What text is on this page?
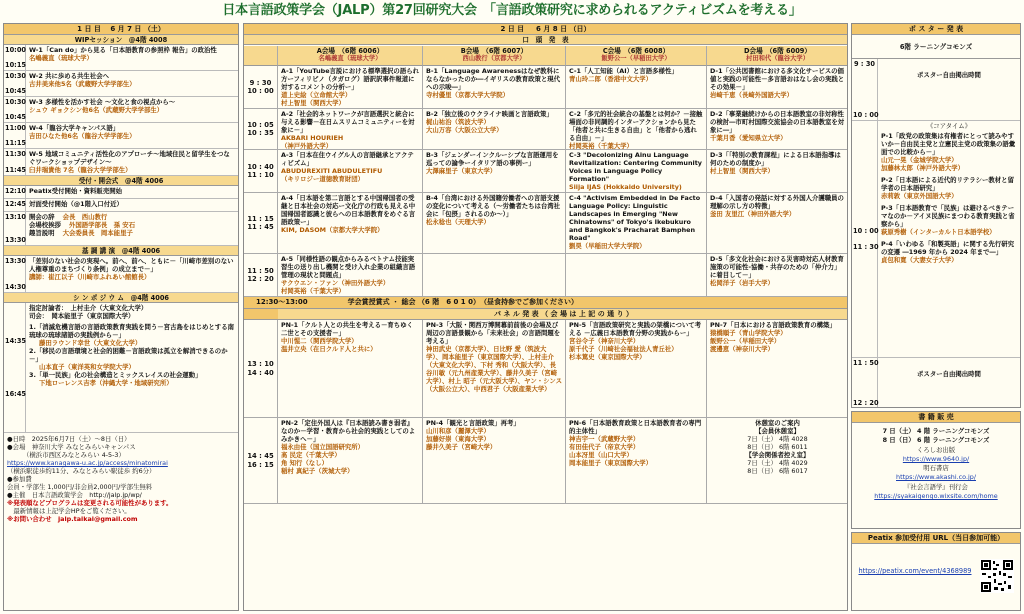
日本言語政策学会（JALP）第27回研究大会　「言語政策研究に求められるアクティビズムを考える」
1 日 目　 6 月 7 日 （土）
WIPセッション　@4階 4008
10:00
10:15
W-1「Can do」から見る「日本語教育の参照枠 報告」の政治性
名嶋義直（琉球大学）
10:30
10:45
W-2 共に歩める共生社会へ
古井美来他5名（武蔵野大学学部生）
10:30
10:45
W-3 多様性を活かす社会 ～文化と食の視点から～
シュウ ギョクシン他6名（武蔵野大学学部生）
11:00
11:15
W-4「龍谷大学キャンパス語」
吉田ひなた他6名（龍谷大学学部生）
11:30
11:45
W-5 地域コミュニティ活性化のアプローチ～地域住民と留学生をつなぐワークショップデザイン～
臼井瑞貴他 7名（龍谷大学学部生）
受付・開会式　@4階 4006
12:10 Peatix受付開始・資料販売開始
12:45 対面受付開始（@1階入口付近）
13:10
13:30
開会の辞 会長　西山教行
会場校挨拶 外国語学部長　孫 安石
趣旨説明 大会委員長　岡本能里子
基 調 講 演　@4階 4006
13:30
14:30
「差別のない社会の実現へ。前へ、前へ、ともに－「川崎市差別のない人権尊重のまちづくり条例」の成立まで－」
講師：崔江以子（川崎市ふれあい館館長）
シ ン ポ ジ ウ ム　@4階 4006
14:35
16:45
指定討論者：　上村圭介（大東文化大学）
司会：　岡本能里子（東京国際大学）
1.「消滅危機言語の言語政策教育実践を問う－宮古島をはじめとする南琉球の琉球諸語の実践例から－」
藤田ラウンド幸世（大東文化大学）
2.「移民の言語環境と社会的困難－言語政策は孤立を解消できるのか－」
山本直子（東洋英和女学院大学）
3.「単一民族」化の社会構造とミックスレイスの社会運動」
下地ローレンス吉孝（沖縄大学・地域研究所）
●日時　2025年6月7日（土）～8日（日）
●会場　神奈川大学 みなとみらいキャンパス
　　　（横浜市西区みなとみらい 4-5-3）
https://www.kanagawa-u.ac.jp/access/minatomirai
（横浜駅徒歩約11分、みなとみらい駅徒歩 約6分）
●参加費
会員・学部生 1,000円/非会員2,000円/学部生無料
●主催　日本言語政策学会　http://jalp.jp/wp/
※発表順などプログラムは変更される可能性があります。
　最新情報は上記学会HPをご覧ください。
※お問い合わせ　jalp.taikai@gmail.com
2 日 目 　 6 月 8 日 （日）
口　頭　発　表
A会場　（6階 6006）
名嶋義直（琉球大学）
B会場　（6階 6007）
西山教行（京都大学）
C会場　（6階 6008）
飯野公一（早稲田大学）
D会場　（6階 6009）
村田和代（龍谷大学）
9 : 30
10 : 00
A-1「YouTube言説における標準選択の語られ方ーフィリピノ（タガログ）語訳訳事件報道に対するコメントの分析ー」
道上史絵（立命館大学）
村上智里（関西大学）
B-1「Language Awarenessはなぜ教科にならなかったのか―イギリスの教育政策と現代への示唆―」
寺村優里（京都大学大学院）
C-1「人工知能（AI）と言語多様性」
青山玲二郎（香港中文大学）
D-1「公共図書館における多文化サービスの価値と実践の可能性－多言語おはなし会の実践とその効果－」
岩崎千恵（長崎外国語大学）
10 : 05
10 : 35
A-2「社会的ネットワークが言語選択と統合に与える影響－在日ムスリムコミュニティーを対象に－」
AKBARI HOURIEH
（神戸外語大学）
B-2「独立後のウクライナ映画と言語政策」
梶山祐治（筑波大学）
大山万容（大阪公立大学）
C-2「多元的社会統合の基盤とは何か？－接触場面の非同調的インターアクションから見た「他者と共に生きる自由」と「他者から逃れる自由」－」
村岡英裕（千葉大学）

D-2「事業継続けからの日本語教室の非対称性の検討―市町村国際交流協会の日本語教室を対象に―」
千葉月香（愛知県立大学）
10 : 40
11 : 10
A-3「日本在住ウイグル人の言語継承とアクティビズム」
ABUDUREXITI ABUDULETIFU
（キリロジー道徳教育財団）
B-3「ジェンダーインクルーシブな言語運用を巡っての論争ーイタリア語の事例ー」
大澤麻里子（東京大学）
C-3 "Decolonizing Ainu Language Revitalization: Centering Community Voices in Language Policy Formation"
Siija IJAS (Hokkaido University)
D-3「「特別の教育課程」による日本語指導は何のための制度か」
村上智里（関西大学）
11 : 15
11 : 45
A-4「日本語を第二言語とする中国帰国者の受継と日本社会の対応ー文化庁の行政も見える中国帰国者認識と彼らへの日本語教育をめぐる言語政策ー」
KIM, DASOM（京都大学大学院）
B-4「台湾における外国籍労働者への言語支援の変化について考える（～労働者たちは台湾社会に「包摂」されるのか～）」
松永稔也（天理大学）
C-4 "Activism Embedded in De Facto Language Policy: Linguistic Landscapes in Emerging "New Chinatowns" of Tokyo's Ikebukuro and Bangkok's Pracharat Bamphen Road"
劉昊（早稲田大学大学院）
D-4「入国者の発話に対する外国人介護職員の理解の示し方の特徴」
釜田 友里江（神田外語大学）
11 : 50
12 : 20
A-5「同様性語の観点からみるベトナム技能実習生の送り出し機関と受け入れ企業の組織言語管理の現状と問題点」
サクウエン・ファン（神田外語大学）
村岡英裕（千葉大学）
D-5「多文化社会における災害時対応人材教育施策の可能性-協働・共存のための「仲介力」に着目して－」
松岡洋子（岩手大学）
12:30～13:00	学会賞授賞式 ・ 総会 （6 階　6 0 1 0）　（昼食持参でご参加ください）
パ ネ ル 発 表 （ 会 場 は 上 記 の 通 り ）
13 : 10
14 : 40
PN-1「クルト人との共生を考える－育ちゆく二世とその支援者－」
中川惺二（関西学院大学）
温井立央（在日クルド人と共に）
PN-3「大阪・関西万博開幕前前後の会場及び周辺の言語景観から「未来社会」の言語問題を考える」
神田武史（京都大学）、日比野 愛（筑波大学）、岡本能里子（東京国際大学）、上村圭介（大東文化大学）、下村 秀和（大阪大学）、長谷川敏（元九州産業大学）、藤井久美子（宮崎大学）、村上 昭子（元大阪大学）、ヤン・シンス（大阪公立大）、中西君子（大阪産業大学）
PN-5「言語政策研究と実践の架橋について考える －広義日本語教育分野の実践からー」
宮谷令子（神奈川大学）
原千代子（川崎社会福祉法人青丘社）
杉本篤史（東京国際大学）
PN-7「日本における言語政策教育の構築」
猿橋順子（青山学院大学）
飯野公一（早稲田大学）
渡邊恵（神奈川大学）
14 : 45
16 : 15
PN-2「定住外国人は『日本語読み書き弱者』なのか－学習・教育から社会的実践としてのよみかきへ－」
福永由佳（国立国語研究所）
髙 民定（千葉大学）
角 知行（なし）
稲村 真紀子（茨城大学）
PN-4「観光と言語政策」再考」
山川和彦（麗澤大学）
加藤好崇（東海大学）
藤井久美子（宮崎大学）
PN-6「日本語教育政策と日本語教育者の専門的主体性」
神吉宇一（武蔵野大学）
有田佳代子（帝京大学）
山本冴里（山口大学）
岡本能里子（東京国際大学）
休憩室のご案内
【会員休憩室】
7日（土） 4階 4028
8日（日） 6階 6011
【学会関係者控え室】
7日（土） 4階 4029
8日（日） 6階 6017
ポ ス タ ー 発 表
6階 ラーニングコモンズ
9 : 30
10 : 00
ポスター自由掲出時間
10 : 00
11 : 30
《コアタイム》
P-1「政党の政策集は有権者にとって読みやすいか－自由民主党と立憲民主党の政策集の語彙面での比較から－」
山元一晃（金城学院大学）
加藤林太郎（神戸外語大学）
P-2「日本語による近代的リテラシー教材と留学者の日本語研究」
赤莉敦（東京外国語大学）
P-3「日本語教育で「民族」は避けるべきテーマなのか－アイヌ民族にまつわる教育実践と省察から」
萩原秀樹（インターカルト日本語学校）
P-4「いわゆる「和製英語」に関する先行研究の変遷 ―1969 年から 2024 年まで―」
貞包和寛（大妻女子大学）
11 : 50
12 : 20
ポスター自由掲出時間
書 籍 販 売
7 日（土） 4 階 ラーニングコモンズ
8 日（日） 6 階 ラーニングコモンズ
くろしお出版
https://www.9640.jp/
明石書店
https://www.akashi.co.jp/
『社会言語学』刊行会
https://syakaigengo.wixsite.com/home
Peatix 参加受付用 URL（当日参加可能）
https://peatix.com/event/4368989
